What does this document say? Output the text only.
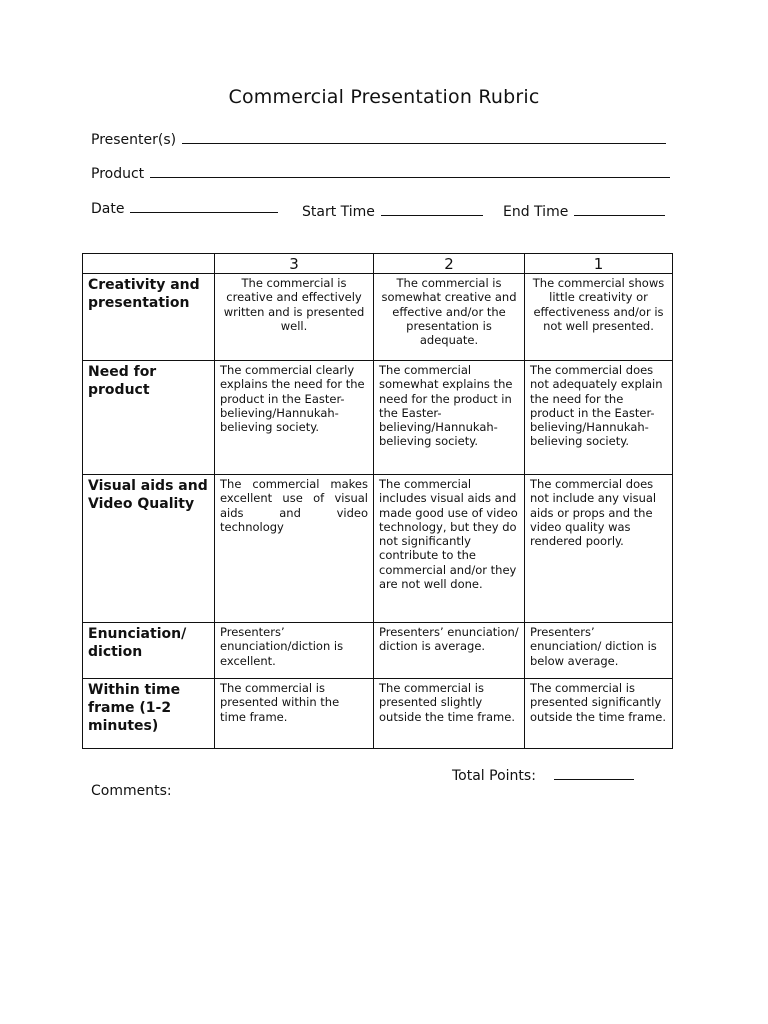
Commercial Presentation Rubric
Presenter(s)
Product
Date	Start Time	End Time
	3	2	1
Creativity and presentation	The commercial is creative and effectively written and is presented well.	The commercial is somewhat creative and effective and/or the presentation is adequate.	The commercial shows little creativity or effectiveness and/or is not well presented.
Need for product	The commercial clearly explains the need for the product in the Easter-believing/Hannukah-believing society.	The commercial somewhat explains the need for the product in the Easter-believing/Hannukah-believing society.	The commercial does not adequately explain the need for the product in the Easter-believing/Hannukah-believing society.
Visual aids and Video Quality	The commercial makes excellent use of visual aids and video technology	The commercial includes visual aids and made good use of video technology, but they do not significantly contribute to the commercial and/or they are not well done.	The commercial does not include any visual aids or props and the video quality was rendered poorly.
Enunciation/ diction	Presenters’ enunciation/diction is excellent.	Presenters’ enunciation/ diction is average.	Presenters’ enunciation/ diction is below average.
Within time frame (1-2 minutes)	The commercial is presented within the time frame.	The commercial is presented slightly outside the time frame.	The commercial is presented significantly outside the time frame.
Total Points:
Comments:
